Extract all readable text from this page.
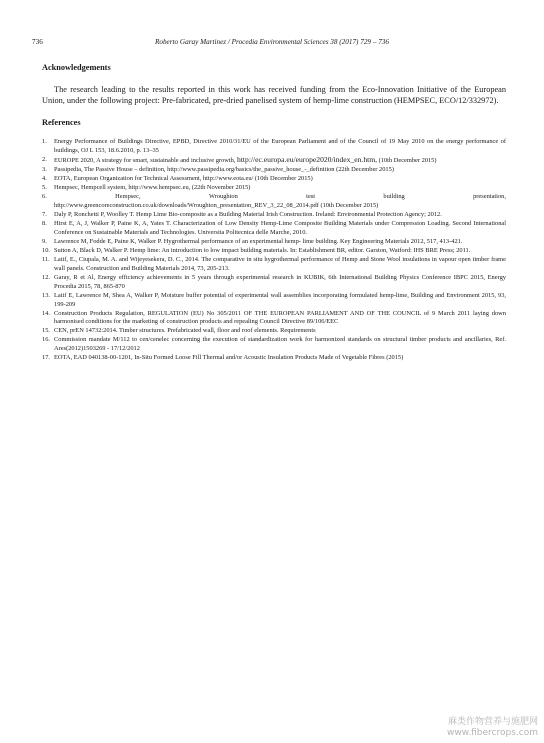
736	Roberto Garay Martinez / Procedia Environmental Sciences 38 (2017) 729 – 736
Acknowledgements

The research leading to the results reported in this work has received funding from the Eco-Innovation Initiative of the European Union, under the following project: Pre-fabricated, pre-dried panelised system of hemp-lime construction (HEMPSEC, ECO/12/332972).

References
1. Energy Performance of Buildings Directive, EPBD, Directive 2010/31/EU of the European Parliament and of the Council of 19 May 2010 on the energy performance of buildings, OJ L 153, 18.6.2010, p. 13–35
2. EUROPE 2020, A strategy for smart, sustainable and inclusive growth, http://ec.europa.eu/europe2020/index_en.htm, (10th December 2015)
3. Passipedia, The Passive House – definition, http://www.passipedia.org/basics/the_passive_house_-_definition (22th December 2015)
4. EOTA, European Organization for Technical Assessment, http://www.eota.eu/ (10th December 2015)
5. Hempsec, Hempcell system, http://www.hempsec.eu, (22th November 2015)
6.	Hempsec,	Wroughton	test	building	presentation,
http://www.greencoreconstruction.co.uk/downloads/Wroughton_presentation_REV_3_22_08_2014.pdf (10th December 2015)
7. Daly P, Ronchetti P, Woolley T. Hemp Lime Bio-composite as a Building Material Irish Construction. Ireland: Environmental Protection Agency; 2012.
8. Hirst E, A, J, Walker P, Paine K, A, Yates T. Characterization of Low Density Hemp-Lime Composite Building Materials under Compression Loading. Second International Conference on Sustainable Materials and Technologies. Universita Politecnica delle Marche, 2010.
9. Lawrence M, Fodde E, Paine K, Walker P. Hygrothermal performance of an experimental hemp- lime building. Key Engineering Materials 2012, 517, 413-421.
10. Sutton A, Black D, Walker P. Hemp lime: An introduction to low impact building materials. In: Establishment BR, editor. Garston, Watford: IHS BRE Press; 2011.
11. Latif, E., Ciupala, M. A. and Wijeyesekera, D. C., 2014. The comparative in situ hygrothermal performance of Hemp and Stone Wool insulations in vapour open timber frame wall panels. Construction and Building Materials 2014, 73, 205-213.
12. Garay, R et Al, Energy efficiency achievements in 5 years through experimental research in KUBIK, 6th International Building Physics Conference IBPC 2015, Energy Procedia 2015, 78, 865-870
13. Latif E, Lawrence M, Shea A, Walker P, Moisture buffer potential of experimental wall assemblies incorporating formulated hemp-lime, Building and Environment 2015, 93, 199-209
14. Construction Products Regulation, REGULATION (EU) No 305/2011 OF THE EUROPEAN PARLIAMENT AND OF THE COUNCIL of 9 March 2011 laying down harmonised conditions for the marketing of construction products and repealing Council Directive 89/106/EEC
15. CEN, prEN 14732:2014. Timber structures. Prefabricated wall, floor and roof elements. Requirements
16. Commission mandate M/112 to cen/cenelec concerning the execution of standardization work for harmonized standards on structural timber products and ancillaries, Ref. Ares(2012)1503269 - 17/12/2012
17. EOTA, EAD 040138-00-1201, In-Situ Formed Loose Fill Thermal and/or Acoustic Insulation Products Made of Vegetable Fibres (2015)
麻类作物营养与施肥网
www.fibercrops.com
